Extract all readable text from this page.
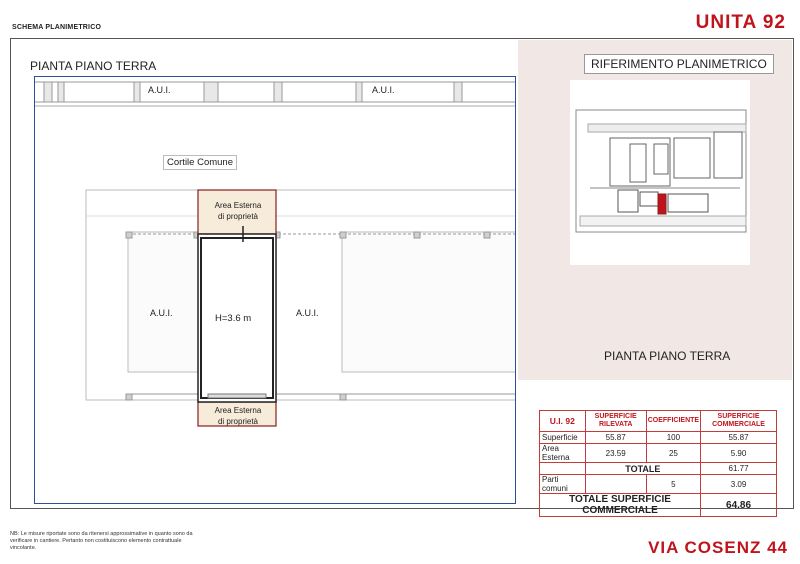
SCHEMA PLANIMETRICO	UNITA 92
PIANTA PIANO TERRA
A.U.I.	A.U.I.
Cortile Comune
Area Esterna
di proprietà
Area Esterna
di proprietà
A.U.I.	A.U.I.
H=3.6 m
RIFERIMENTO PLANIMETRICO
PIANTA PIANO TERRA
U.I. 92	SUPERFICIE RILEVATA	COEFFICIENTE	SUPERFICIE COMMERCIALE
Superficie	55.87	100	55.87
Area Esterna	23.59	25	5.90
	TOTALE		61.77
Parti comuni		5	3.09
TOTALE SUPERFICIE COMMERCIALE			64.86
NB: Le misure riportate sono da ritenersi approssimative in quanto sono da verificare in cantiere. Pertanto non costituiscono elemento contrattuale vincolante.	VIA COSENZ 44
